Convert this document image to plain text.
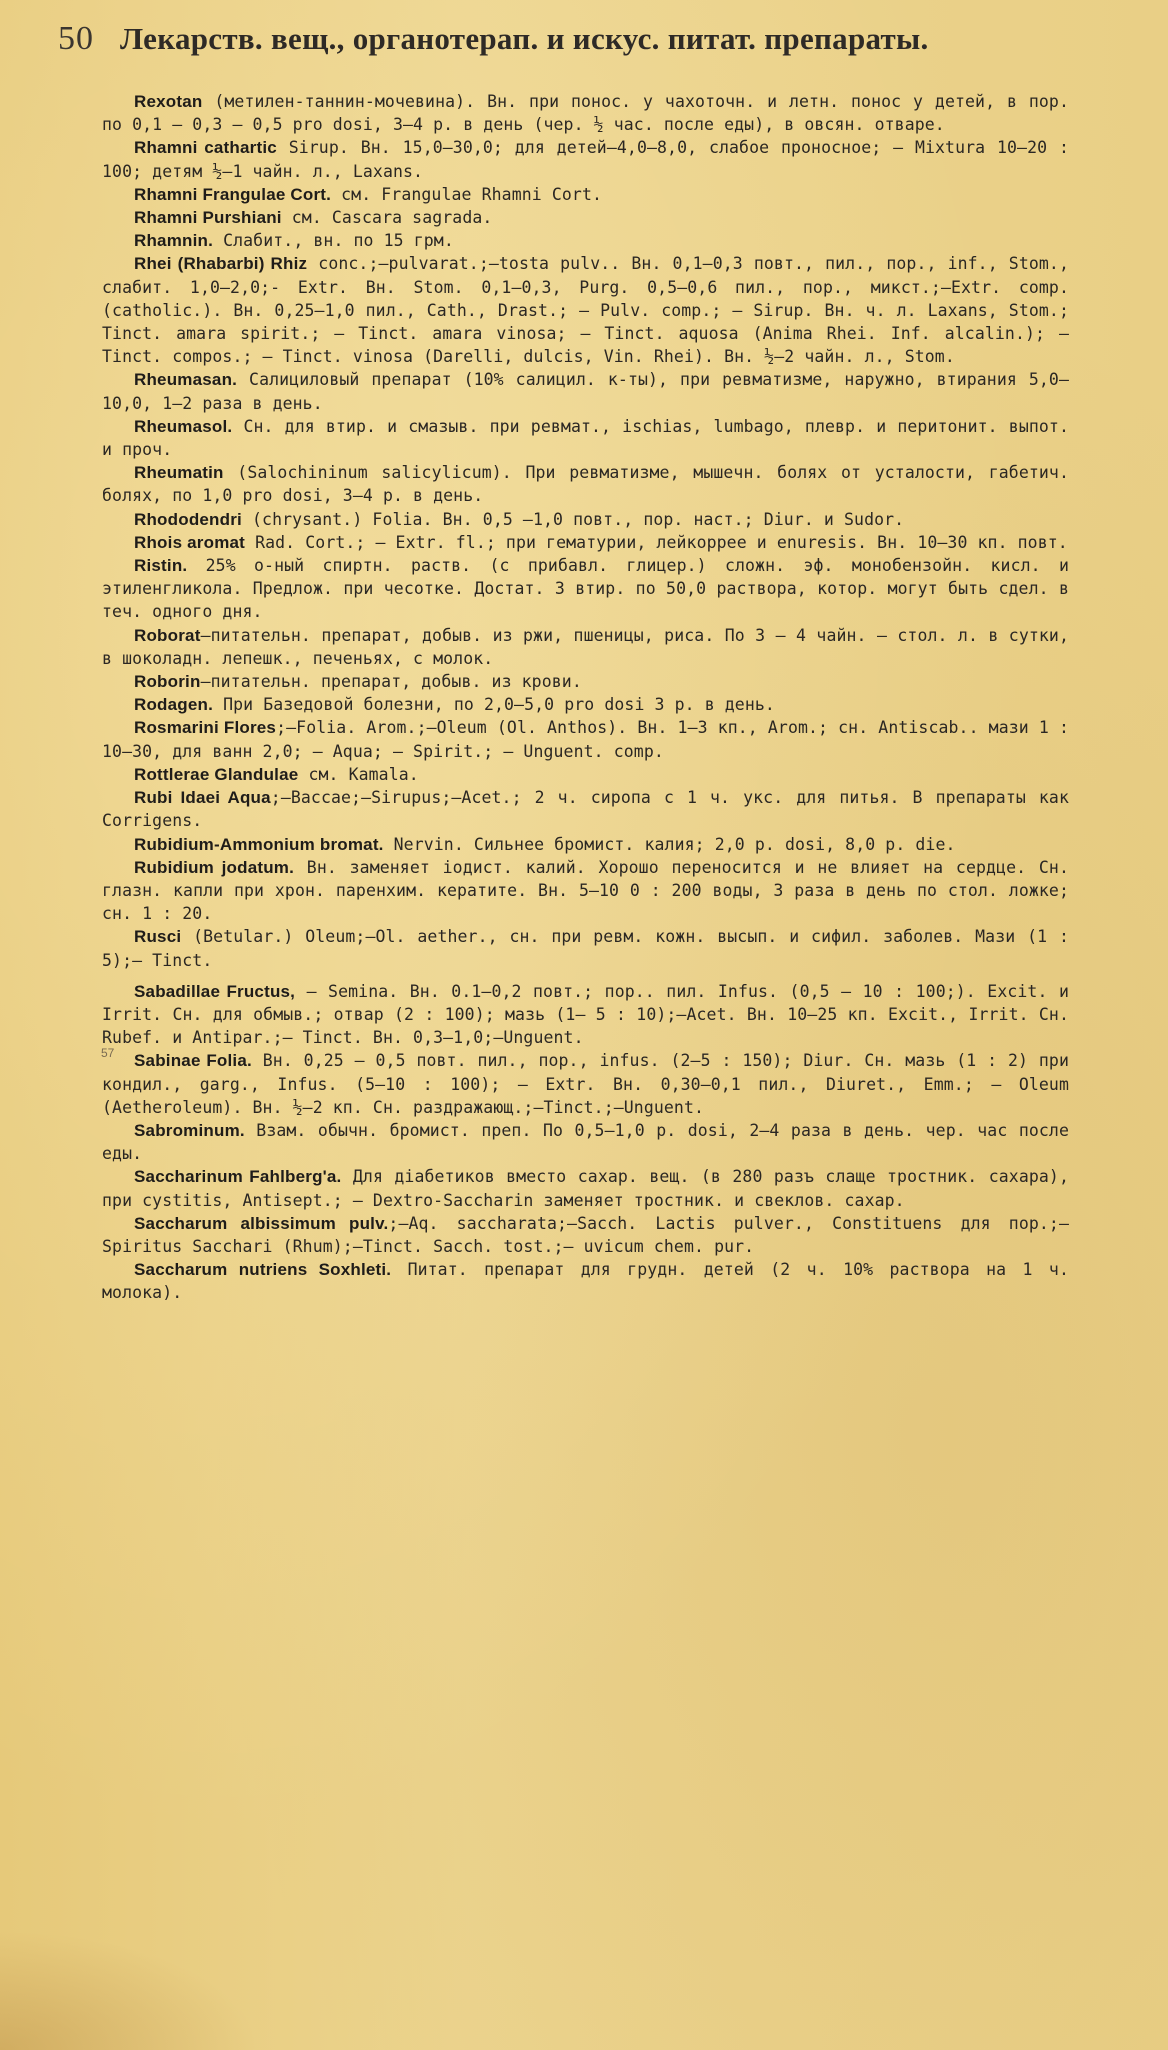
50 Лекарств. вещ., органотерап. и искус. питат. препараты.
57

Rexotan (метилен-таннин-мочевина). Вн. при понос. у чахоточн. и летн. понос у детей, в пор. по 0,1 — 0,3 — 0,5 pro dosi, 3—4 р. в день (чер. ½ час. после еды), в овсян. отваре.

Rhamni cathartic Sirup. Вн. 15,0—30,0; для детей—4,0—8,0, слабое проносное; — Mixtura 10—20 : 100; детям ½—1 чайн. л., Laxans.

Rhamni Frangulae Cort. см. Frangulae Rhamni Cort.

Rhamni Purshiani см. Cascara sagrada.

Rhamnin. Слабит., вн. по 15 грм.

Rhei (Rhabarbi) Rhiz conc.;—pulvarat.;—tosta pulv.. Вн. 0,1—0,3 повт., пил., пор., inf., Stom., слабит. 1,0—2,0;- Extr. Вн. Stom. 0,1—0,3, Purg. 0,5—0,6 пил., пор., микст.;—Extr. comp. (catholic.). Вн. 0,25—1,0 пил., Cath., Drast.; — Pulv. comp.; — Sirup. Вн. ч. л. Laxans, Stom.; Tinct. amara spirit.; — Tinct. amara vinosa; — Tinct. aquosa (Anima Rhei. Inf. alcalin.); — Tinct. compos.; — Tinct. vinosa (Darelli, dulcis, Vin. Rhei). Вн. ½—2 чайн. л., Stom.

Rheumasan. Салициловый препарат (10% салицил. к-ты), при ревматизме, наружно, втирания 5,0—10,0, 1—2 раза в день.

Rheumasol. Сн. для втир. и смазыв. при ревмат., ischias, lumbago, плевр. и перитонит. выпот. и проч.

Rheumatin (Salochininum salicylicum). При ревматизме, мышечн. болях от усталости, габетич. болях, по 1,0 pro dosi, 3—4 р. в день.

Rhododendri (chrysant.) Folia. Вн. 0,5 —1,0 повт., пор. наст.; Diur. и Sudor.

Rhois aromat Rad. Cort.; — Extr. fl.; при гематурии, лейкоррее и enuresis. Вн. 10—30 кп. повт.

Ristin. 25% о-ный спиртн. раств. (с прибавл. глицер.) сложн. эф. монобензойн. кисл. и этиленгликола. Предлож. при чесотке. Достат. 3 втир. по 50,0 раствора, котор. могут быть сдел. в теч. одного дня.

Roborat—питательн. препарат, добыв. из ржи, пшеницы, риса. По 3 — 4 чайн. — стол. л. в сутки, в шоколадн. лепешк., печеньях, с молок.

Roborin—питательн. препарат, добыв. из крови.

Rodagen. При Базедовой болезни, по 2,0—5,0 pro dosi 3 р. в день.

Rosmarini Flores;—Folia. Arom.;—Oleum (Ol. Anthos). Вн. 1—3 кп., Arom.; сн. Antiscab.. мази 1 : 10—30, для ванн 2,0; — Aqua; — Spirit.; — Unguent. comp.

Rottlerae Glandulae см. Kamala.

Rubi Idaei Aqua;—Baccae;—Sirupus;—Acet.; 2 ч. сиропа с 1 ч. укс. для питья. В препараты как Corrigens.

Rubidium-Ammonium bromat. Nervin. Сильнее бромист. калия; 2,0 р. dosi, 8,0 р. die.

Rubidium jodatum. Вн. заменяет іодист. калий. Хорошо переносится и не влияет на сердце. Сн. глазн. капли при хрон. паренхим. кератите. Вн. 5—10 0 : 200 воды, 3 раза в день по стол. ложке; сн. 1 : 20.

Rusci (Betular.) Oleum;—Ol. aether., сн. при ревм. кожн. высып. и сифил. заболев. Мази (1 : 5);— Tinct.

Sabadillae Fructus, — Semina. Вн. 0.1—0,2 повт.; пор.. пил. Infus. (0,5 — 10 : 100;). Excit. и Irrit. Сн. для обмыв.; отвар (2 : 100); мазь (1— 5 : 10);—Acet. Вн. 10—25 кп. Excit., Irrit. Сн. Rubef. и Antipar.;— Tinct. Вн. 0,3—1,0;—Unguent.

Sabinae Folia. Вн. 0,25 — 0,5 повт. пил., пор., infus. (2—5 : 150); Diur. Сн. мазь (1 : 2) при кондил., garg., Infus. (5—10 : 100); — Extr. Вн. 0,30—0,1 пил., Diuret., Emm.; — Oleum (Aetheroleum). Вн. ½—2 кп. Сн. раздражающ.;—Tinct.;—Unguent.

Sabrominum. Взам. обычн. бромист. преп. По 0,5—1,0 р. dosi, 2—4 раза в день. чер. час после еды.

Saccharinum Fahlberg'a. Для діабетиков вместо сахар. вещ. (в 280 разъ слаще тростник. сахара), при cystitis, Antisept.; — Dextro-Saccharin заменяет тростник. и свеклов. сахар.

Saccharum albissimum pulv.;—Aq. saccharata;—Sacch. Lactis pulver., Constituens для пор.;—Spiritus Sacchari (Rhum);—Tinct. Sacch. tost.;— uvicum chem. pur.

Saccharum nutriens Soxhleti. Питат. препарат для грудн. детей (2 ч. 10% раствора на 1 ч. молока).
